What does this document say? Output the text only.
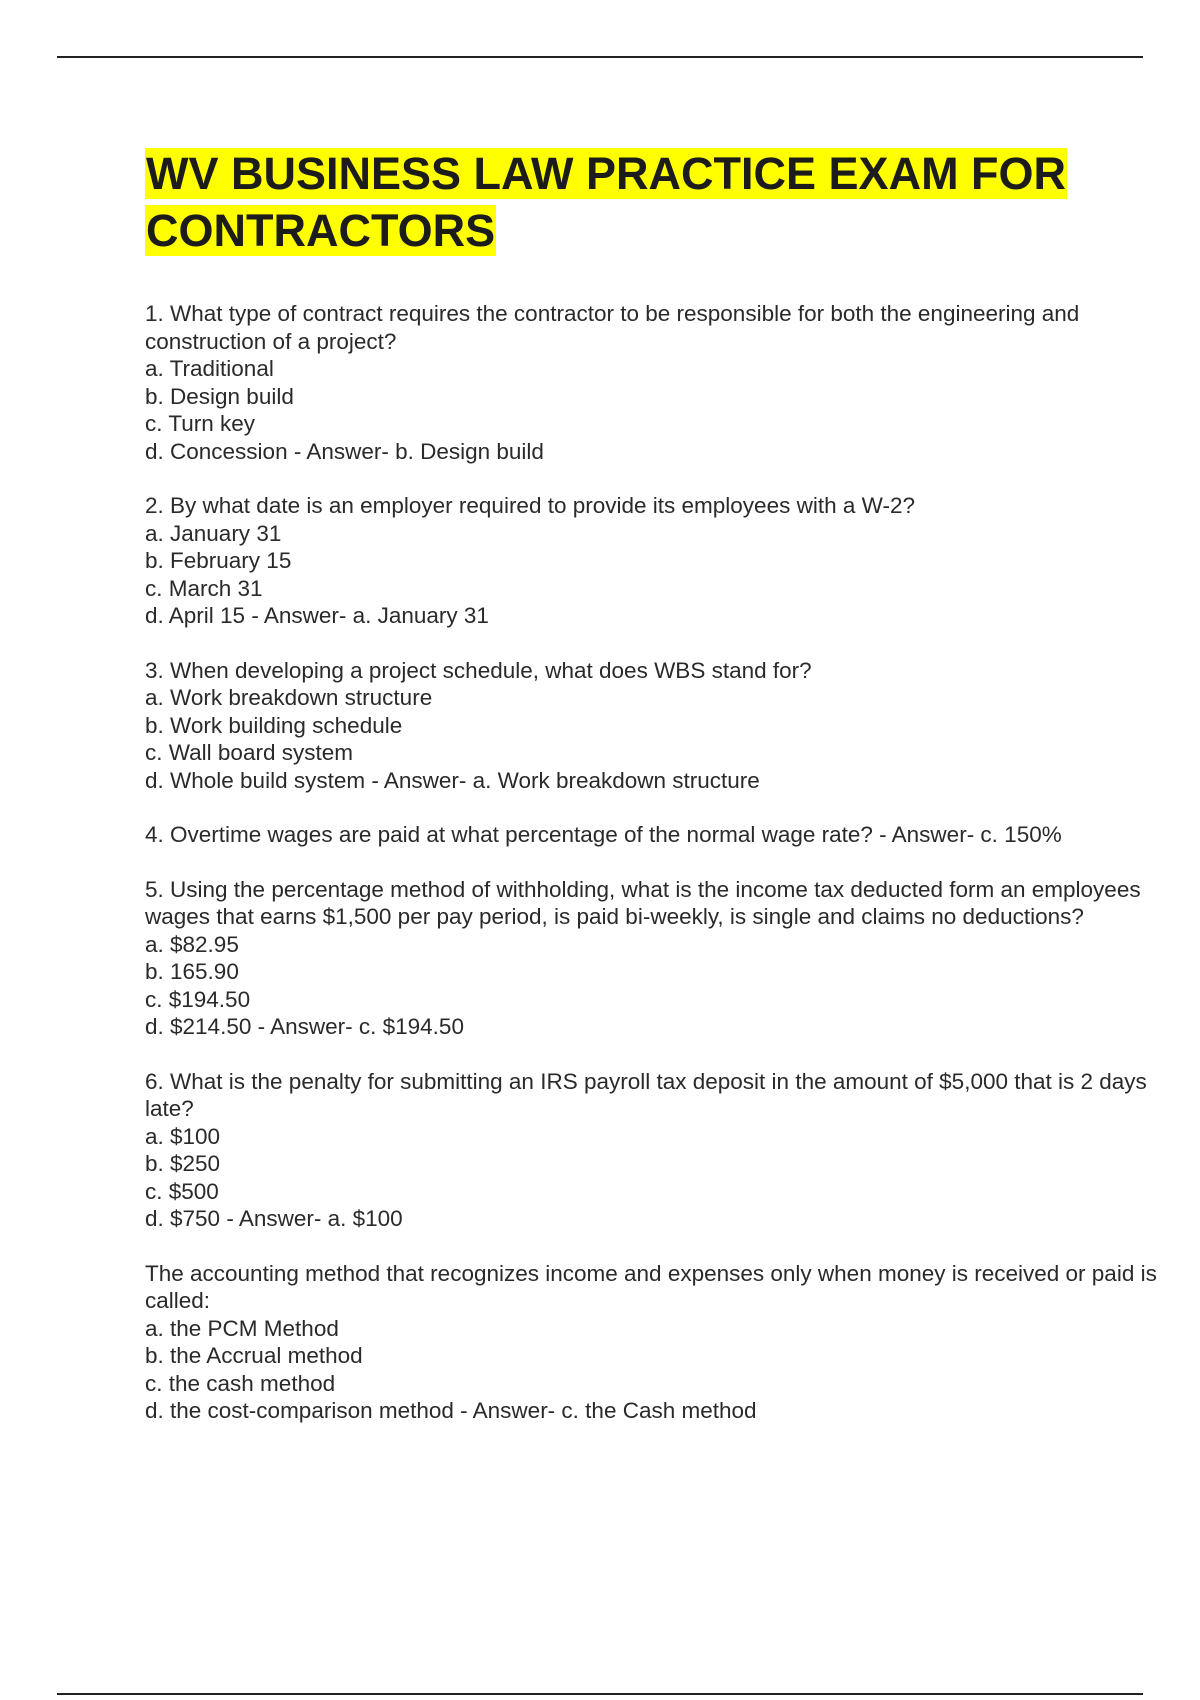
WV BUSINESS LAW PRACTICE EXAM FOR CONTRACTORS

1. What type of contract requires the contractor to be responsible for both the engineering and construction of a project?

a. Traditional

b. Design build

c. Turn key

d. Concession - Answer- b. Design build

2. By what date is an employer required to provide its employees with a W-2?

a. January 31

b. February 15

c. March 31

d. April 15 - Answer- a. January 31

3. When developing a project schedule, what does WBS stand for?

a. Work breakdown structure

b. Work building schedule

c. Wall board system

d. Whole build system - Answer- a. Work breakdown structure

4. Overtime wages are paid at what percentage of the normal wage rate? - Answer- c. 150%

5. Using the percentage method of withholding, what is the income tax deducted form an employees wages that earns $1,500 per pay period, is paid bi-weekly, is single and claims no deductions?

a. $82.95

b. 165.90

c. $194.50

d. $214.50 - Answer- c. $194.50

6. What is the penalty for submitting an IRS payroll tax deposit in the amount of $5,000 that is 2 days late?

a. $100

b. $250

c. $500

d. $750 - Answer- a. $100

The accounting method that recognizes income and expenses only when money is received or paid is called:

a. the PCM Method

b. the Accrual method

c. the cash method

d. the cost-comparison method - Answer- c. the Cash method
